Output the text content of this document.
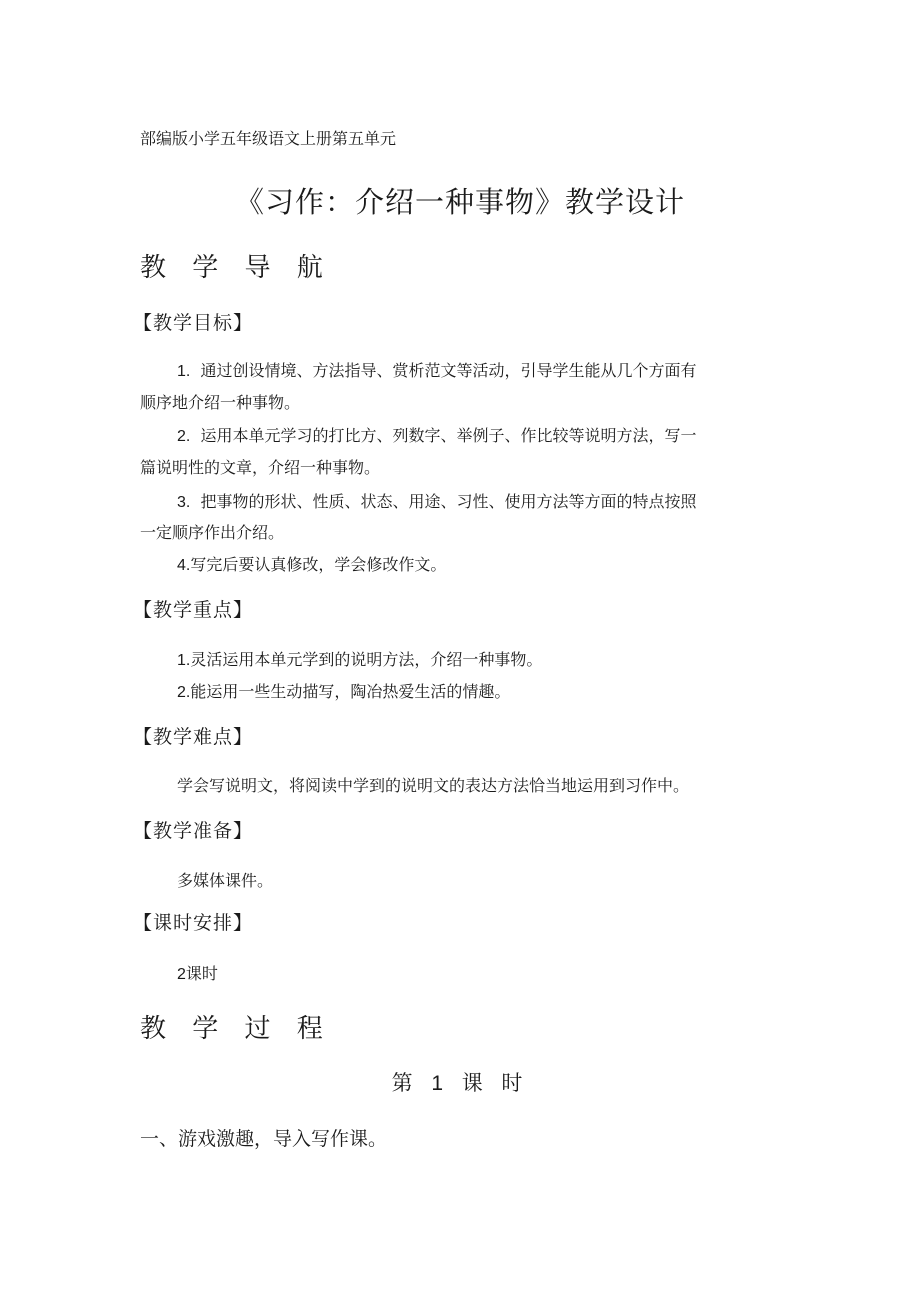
部编版小学五年级语文上册第五单元

《习作：介绍一种事物》教学设计

教 学 导 航

【教学目标】

1. 通过创设情境、方法指导、赏析范文等活动，引导学生能从几个方面有

顺序地介绍一种事物。

2. 运用本单元学习的打比方、列数字、举例子、作比较等说明方法，写一

篇说明性的文章，介绍一种事物。

3. 把事物的形状、性质、状态、用途、习性、使用方法等方面的特点按照

一定顺序作出介绍。

4.写完后要认真修改，学会修改作文。

【教学重点】

1.灵活运用本单元学到的说明方法，介绍一种事物。

2.能运用一些生动描写，陶冶热爱生活的情趣。

【教学难点】

学会写说明文，将阅读中学到的说明文的表达方法恰当地运用到习作中。

【教学准备】

多媒体课件。

【课时安排】

2课时

教 学 过 程

第 1 课 时

一、游戏激趣，导入写作课。
